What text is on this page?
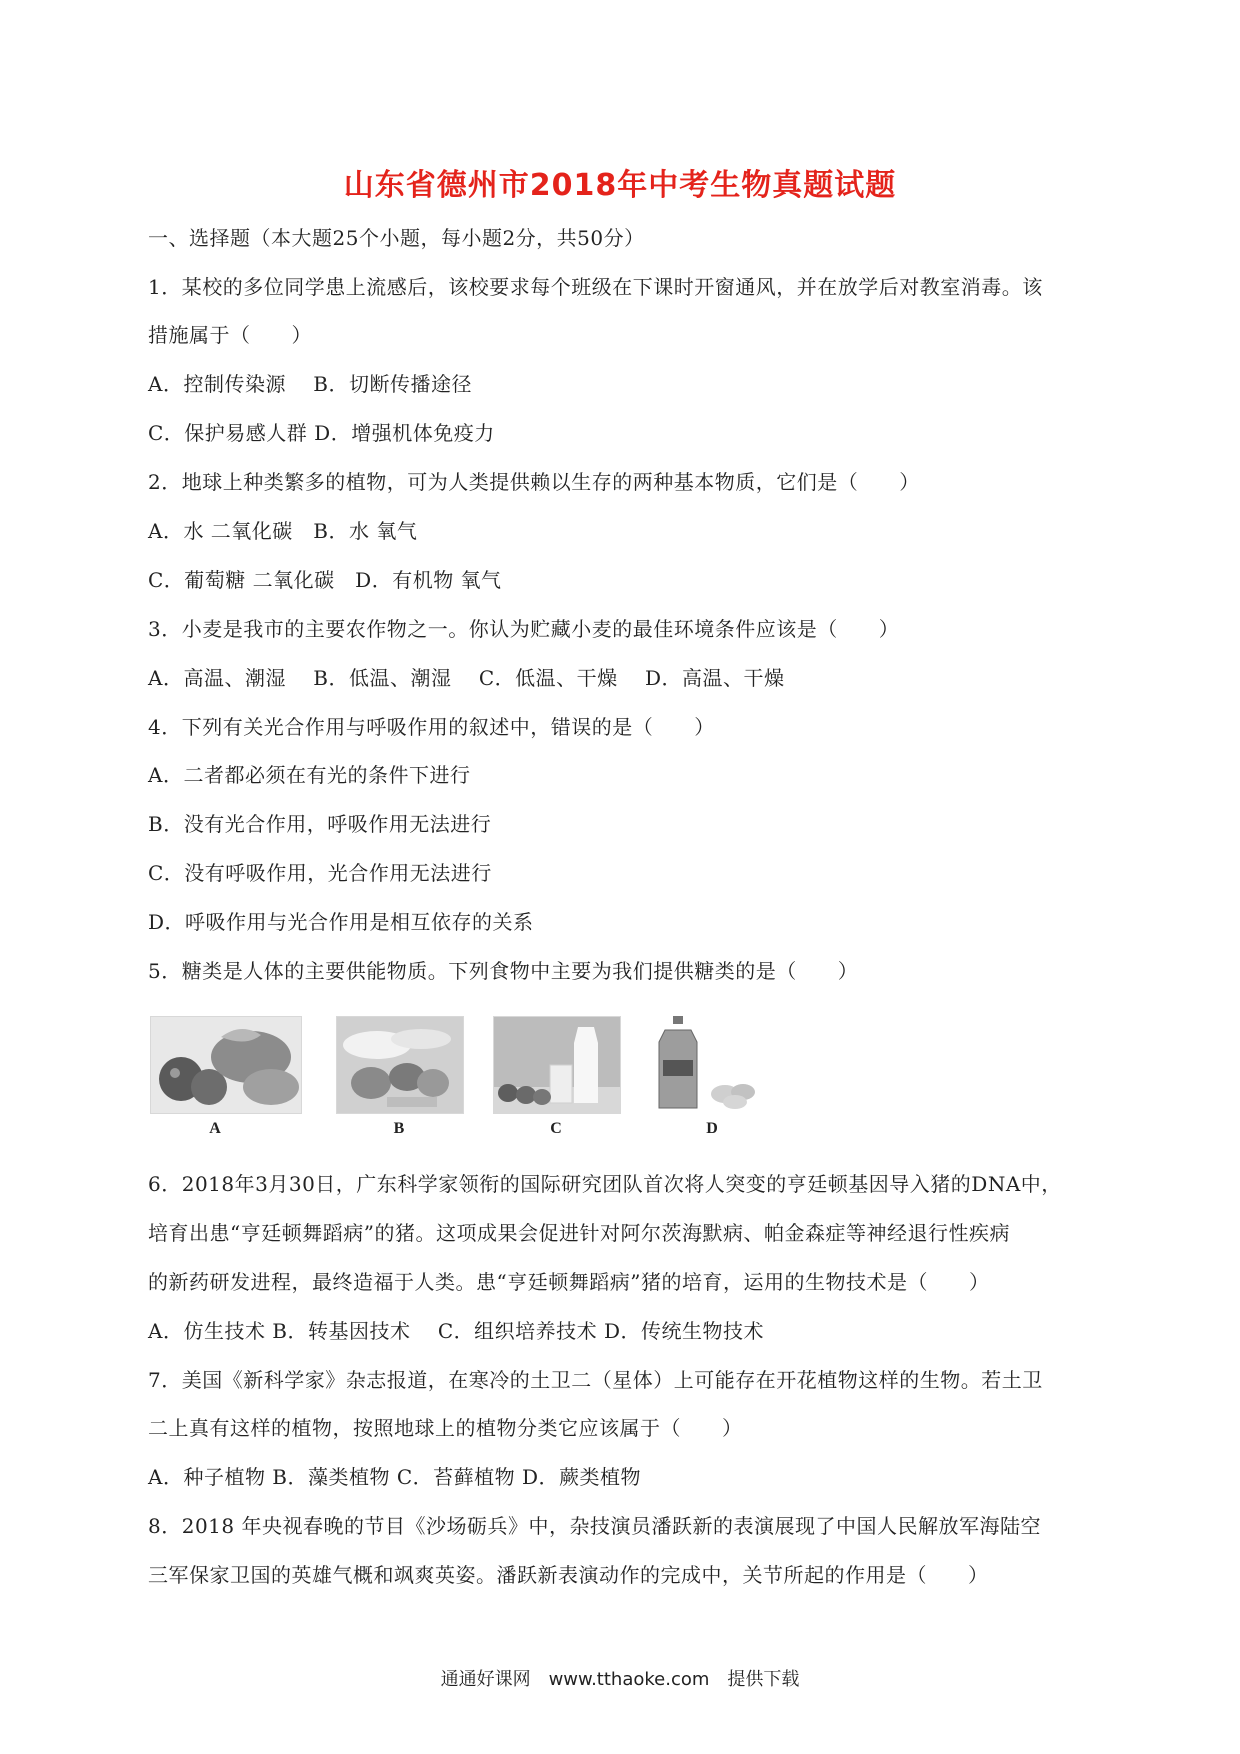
山东省德州市2018年中考生物真题试题
一、选择题（本大题25个小题，每小题2分，共50分）
1．某校的多位同学患上流感后，该校要求每个班级在下课时开窗通风，并在放学后对教室消毒。该
措施属于（　　）
A．控制传染源　 B．切断传播途径
C．保护易感人群 D．增强机体免疫力
2．地球上种类繁多的植物，可为人类提供赖以生存的两种基本物质，它们是（　　）
A．水 二氧化碳　B．水 氧气
C．葡萄糖 二氧化碳　D．有机物 氧气
3．小麦是我市的主要农作物之一。你认为贮藏小麦的最佳环境条件应该是（　　）
A．高温、潮湿　 B．低温、潮湿　 C．低温、干燥　 D．高温、干燥
4．下列有关光合作用与呼吸作用的叙述中，错误的是（　　）
A．二者都必须在有光的条件下进行
B．没有光合作用，呼吸作用无法进行
C．没有呼吸作用，光合作用无法进行
D．呼吸作用与光合作用是相互依存的关系
5．糖类是人体的主要供能物质。下列食物中主要为我们提供糖类的是（　　）
A	B	C	D
6．2018年3月30日，广东科学家领衔的国际研究团队首次将人突变的亨廷顿基因导入猪的DNA中，
培育出患“亨廷顿舞蹈病”的猪。这项成果会促进针对阿尔茨海默病、帕金森症等神经退行性疾病
的新药研发进程，最终造福于人类。患“亨廷顿舞蹈病”猪的培育，运用的生物技术是（　　）
A．仿生技术 B．转基因技术　 C．组织培养技术 D．传统生物技术
7．美国《新科学家》杂志报道，在寒冷的土卫二（星体）上可能存在开花植物这样的生物。若土卫
二上真有这样的植物，按照地球上的植物分类它应该属于（　　）
A．种子植物 B．藻类植物 C．苔藓植物 D．蕨类植物
8．2018 年央视春晚的节目《沙场砺兵》中，杂技演员潘跃新的表演展现了中国人民解放军海陆空
三军保家卫国的英雄气概和飒爽英姿。潘跃新表演动作的完成中，关节所起的作用是（　　）
通通好课网　www.tthaoke.com　提供下载
